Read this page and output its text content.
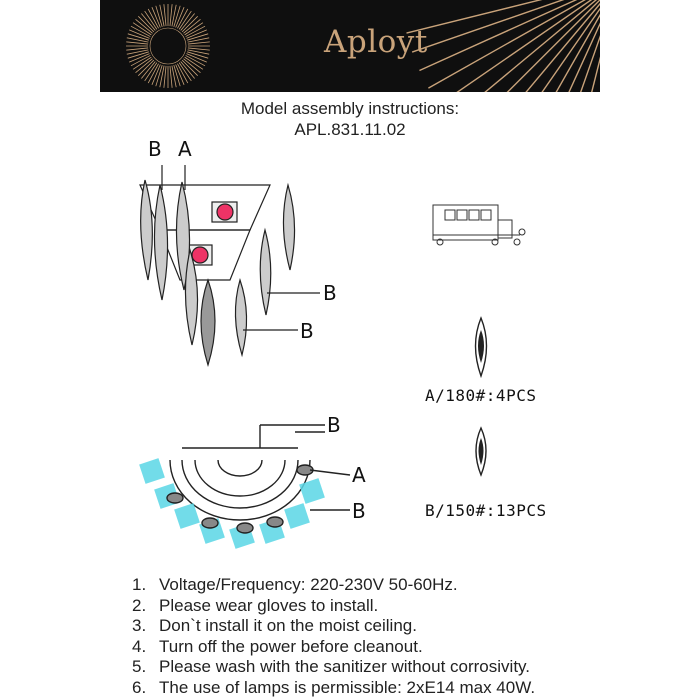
Aployt
Model assembly instructions:
APL.831.11.02
B A
B
B
B
A
B
A/180#:4PCS
B/150#:13PCS
1. Voltage/Frequency: 220-230V 50-60Hz.
2. Please wear gloves to install.
3. Don`t install it on the moist ceiling.
4. Turn off the power before cleanout.
5. Please wash with the sanitizer without corrosivity.
6. The use of lamps is permissible: 2xE14 max 40W.
